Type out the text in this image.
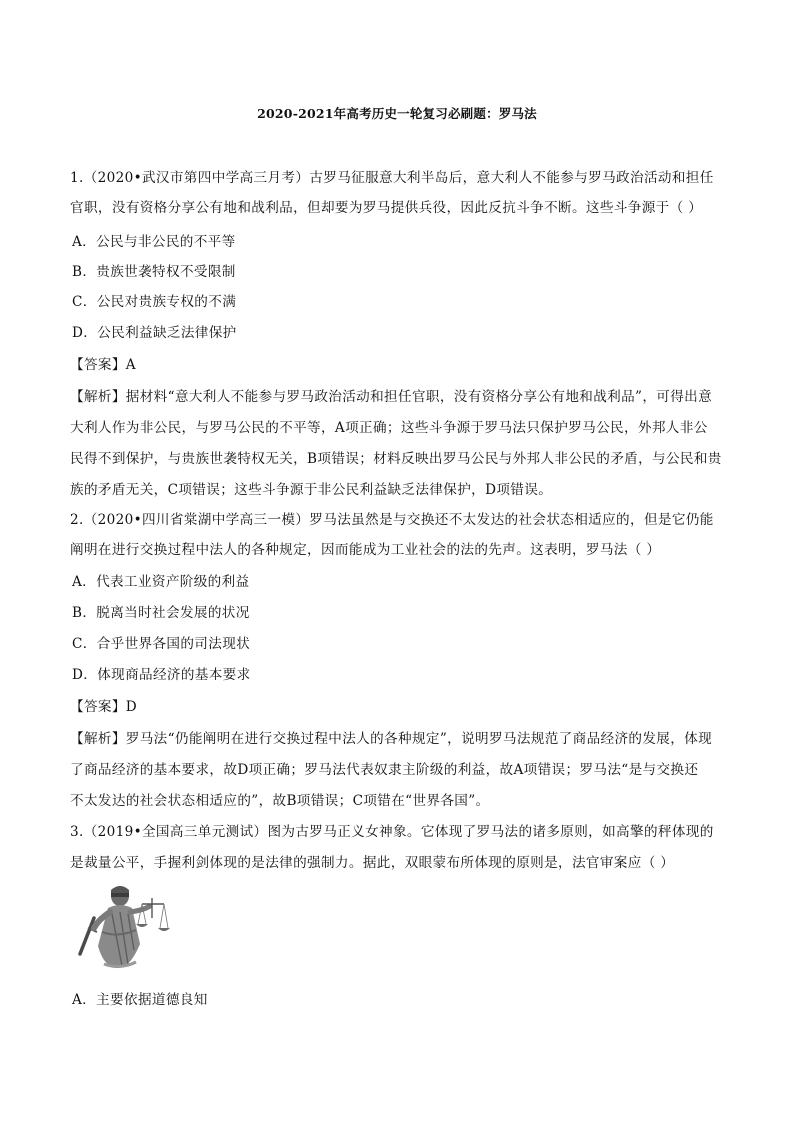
2020-2021年高考历史一轮复习必刷题：罗马法
1.（2020•武汉市第四中学高三月考）古罗马征服意大利半岛后，意大利人不能参与罗马政治活动和担任
官职，没有资格分享公有地和战利品，但却要为罗马提供兵役，因此反抗斗争不断。这些斗争源于（ ）
A．公民与非公民的不平等
B．贵族世袭特权不受限制
C．公民对贵族专权的不满
D．公民利益缺乏法律保护
【答案】A
【解析】据材料“意大利人不能参与罗马政治活动和担任官职，没有资格分享公有地和战利品”，可得出意
大利人作为非公民，与罗马公民的不平等，A项正确；这些斗争源于罗马法只保护罗马公民，外邦人非公
民得不到保护，与贵族世袭特权无关，B项错误；材料反映出罗马公民与外邦人非公民的矛盾，与公民和贵
族的矛盾无关，C项错误；这些斗争源于非公民利益缺乏法律保护，D项错误。
2.（2020•四川省棠湖中学高三一模）罗马法虽然是与交换还不太发达的社会状态相适应的，但是它仍能
阐明在进行交换过程中法人的各种规定，因而能成为工业社会的法的先声。这表明，罗马法（ ）
A．代表工业资产阶级的利益
B．脱离当时社会发展的状况
C．合乎世界各国的司法现状
D．体现商品经济的基本要求
【答案】D
【解析】罗马法“仍能阐明在进行交换过程中法人的各种规定”，说明罗马法规范了商品经济的发展，体现
了商品经济的基本要求，故D项正确；罗马法代表奴隶主阶级的利益，故A项错误；罗马法“是与交换还
不太发达的社会状态相适应的”，故B项错误；C项错在“世界各国”。
3.（2019•全国高三单元测试）图为古罗马正义女神象。它体现了罗马法的诸多原则，如高擎的秤体现的
是裁量公平，手握利剑体现的是法律的强制力。据此，双眼蒙布所体现的原则是，法官审案应（ ）
A．主要依据道德良知
